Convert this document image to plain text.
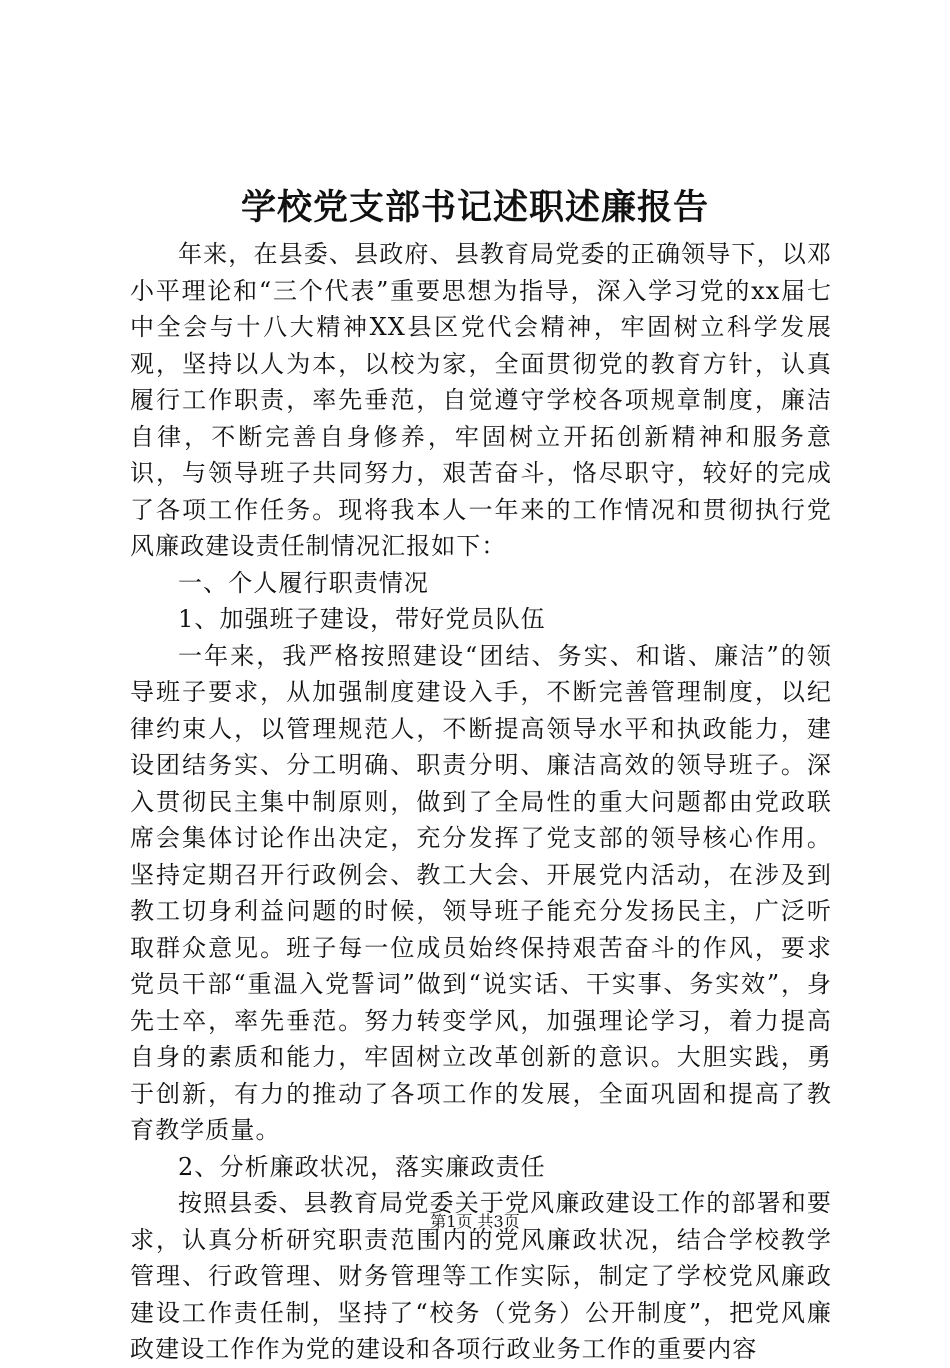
学校党支部书记述职述廉报告

年来，在县委、县政府、县教育局党委的正确领导下，以邓小平理论和“三个代表”重要思想为指导，深入学习党的xx届七中全会与十八大精神XX县区党代会精神，牢固树立科学发展观，坚持以人为本，以校为家，全面贯彻党的教育方针，认真履行工作职责，率先垂范，自觉遵守学校各项规章制度，廉洁自律，不断完善自身修养，牢固树立开拓创新精神和服务意识，与领导班子共同努力，艰苦奋斗，恪尽职守，较好的完成了各项工作任务。现将我本人一年来的工作情况和贯彻执行党风廉政建设责任制情况汇报如下：

一、个人履行职责情况

1、加强班子建设，带好党员队伍

一年来，我严格按照建设“团结、务实、和谐、廉洁”的领导班子要求，从加强制度建设入手，不断完善管理制度，以纪律约束人，以管理规范人，不断提高领导水平和执政能力，建设团结务实、分工明确、职责分明、廉洁高效的领导班子。深入贯彻民主集中制原则，做到了全局性的重大问题都由党政联席会集体讨论作出决定，充分发挥了党支部的领导核心作用。坚持定期召开行政例会、教工大会、开展党内活动，在涉及到教工切身利益问题的时候，领导班子能充分发扬民主，广泛听取群众意见。班子每一位成员始终保持艰苦奋斗的作风，要求党员干部“重温入党誓词”做到“说实话、干实事、务实效”，身先士卒，率先垂范。努力转变学风，加强理论学习，着力提高自身的素质和能力，牢固树立改革创新的意识。大胆实践，勇于创新，有力的推动了各项工作的发展，全面巩固和提高了教育教学质量。

2、分析廉政状况，落实廉政责任

按照县委、县教育局党委关于党风廉政建设工作的部署和要求，认真分析研究职责范围内的党风廉政状况，结合学校教学管理、行政管理、财务管理等工作实际，制定了学校党风廉政建设工作责任制，坚持了“校务（党务）公开制度”，把党风廉政建设工作作为党的建设和各项行政业务工作的重要内容

第1页 共3页
